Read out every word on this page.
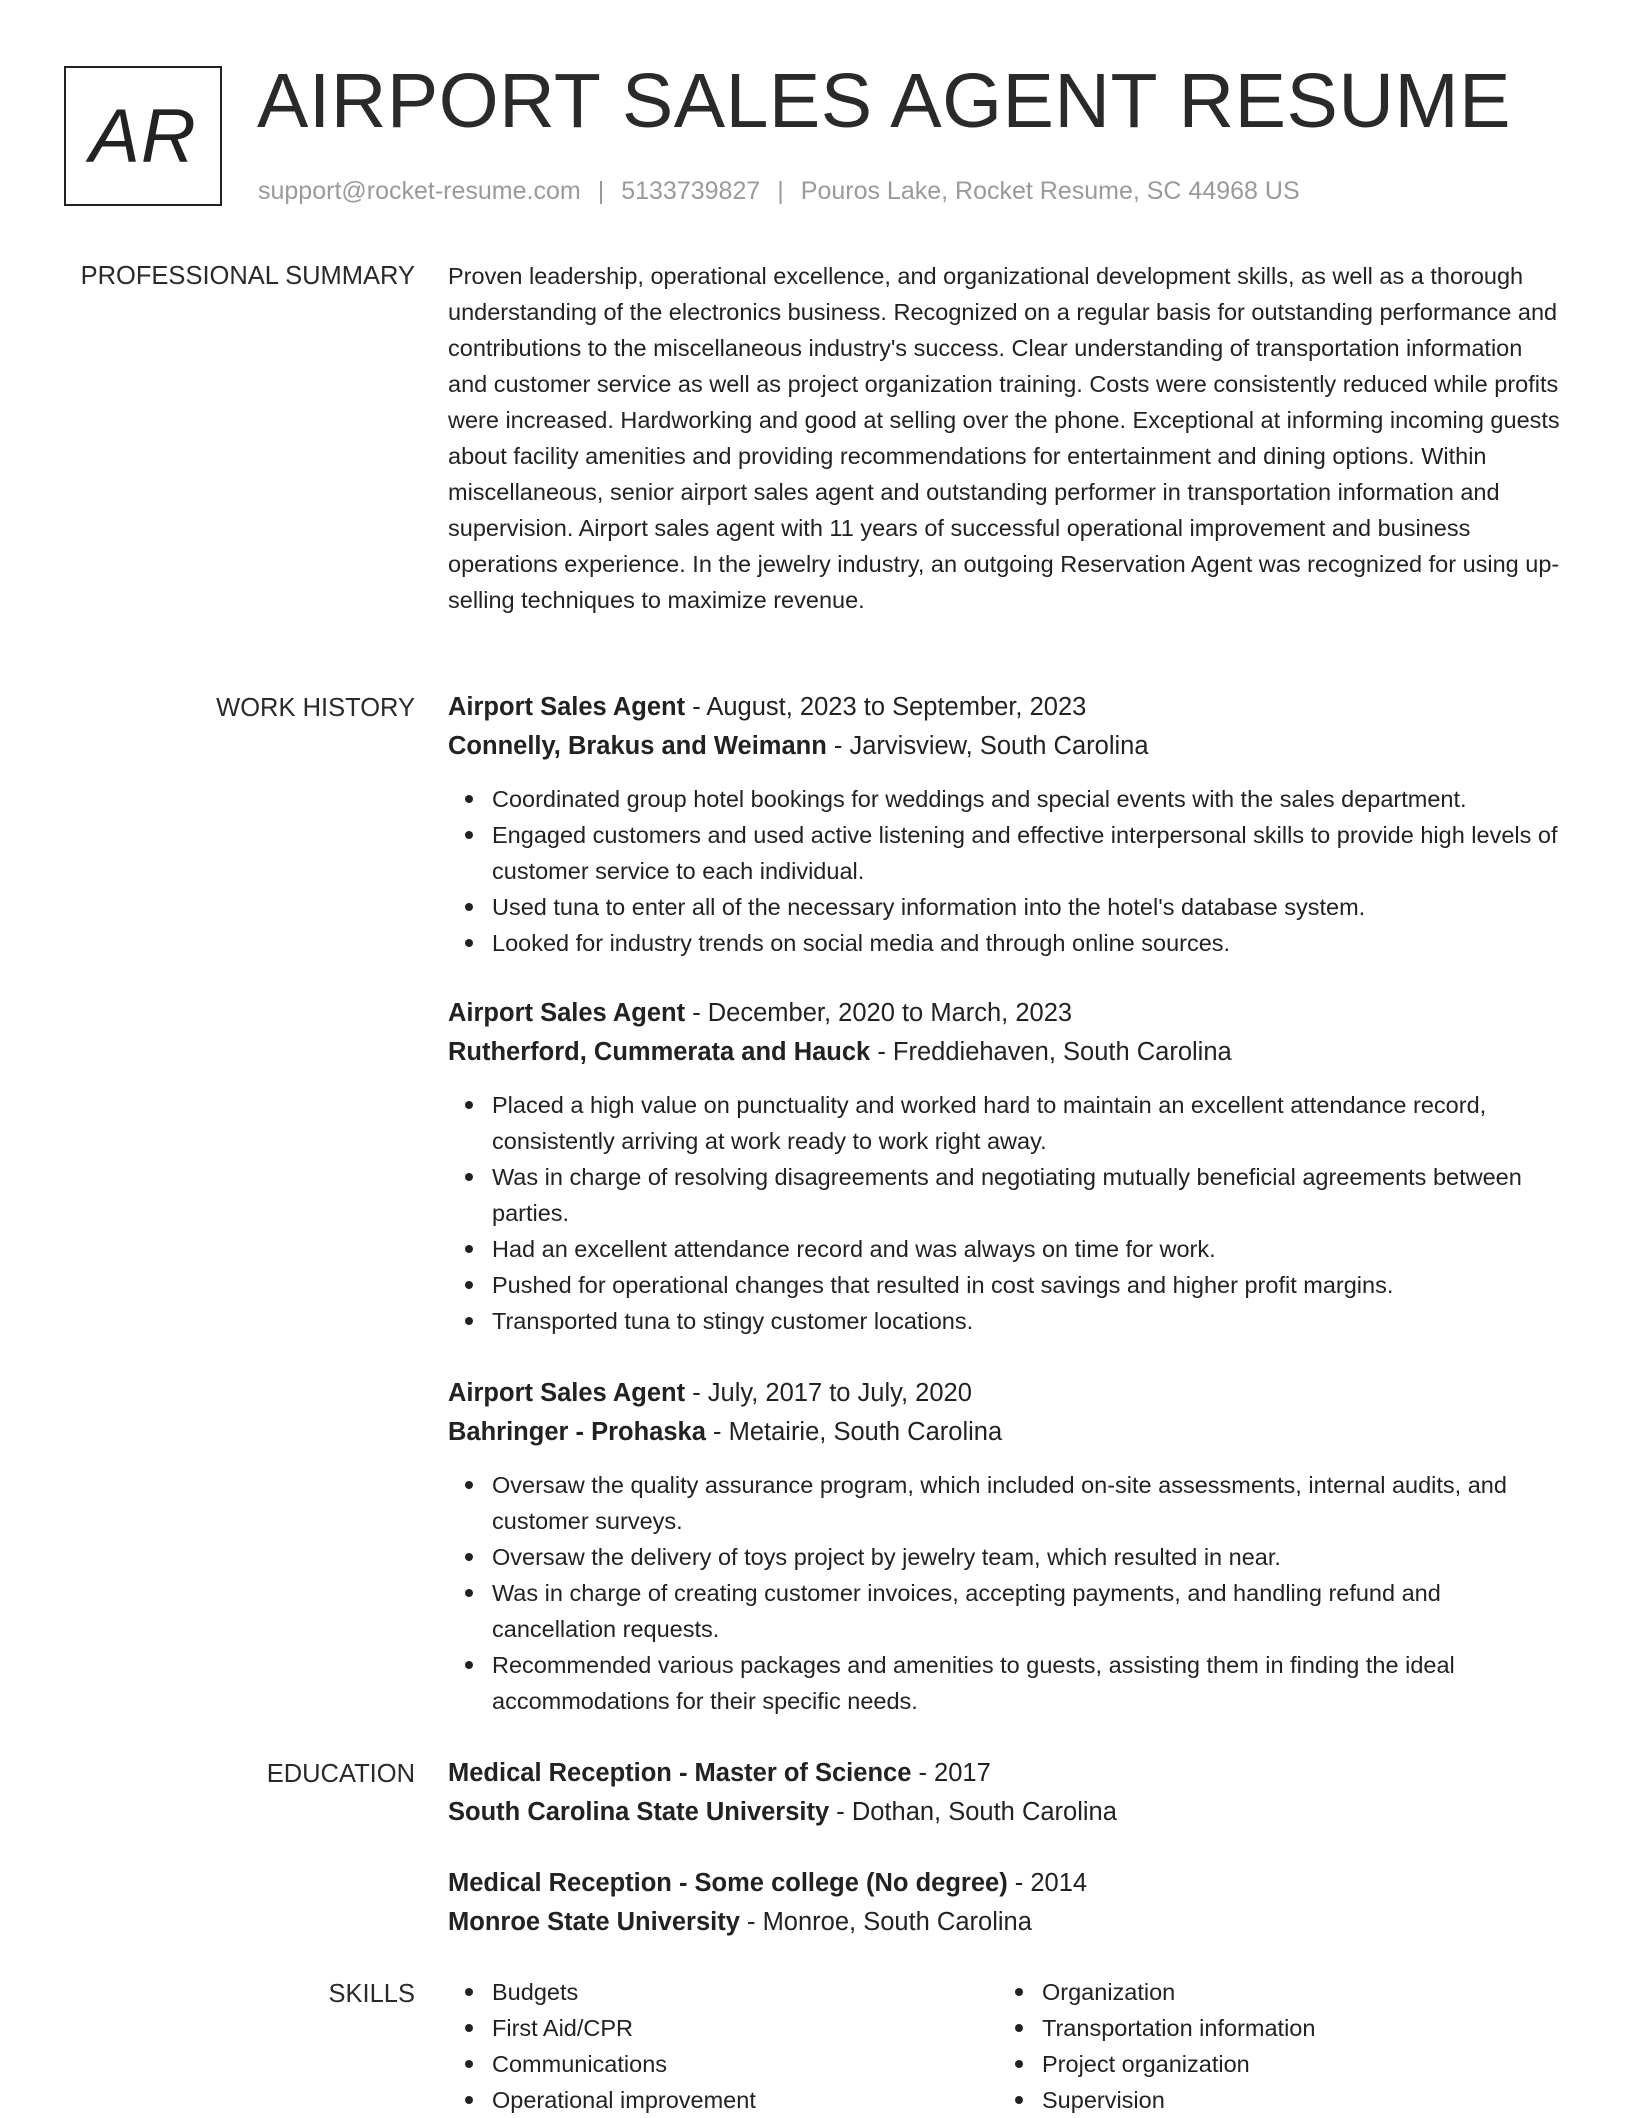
AR AIRPORT SALES AGENT RESUME
support@rocket-resume.com | 5133739827 | Pouros Lake, Rocket Resume, SC 44968 US
PROFESSIONAL SUMMARY Proven leadership, operational excellence, and organizational development skills, as well as a thorough understanding of the electronics business. Recognized on a regular basis for outstanding performance and contributions to the miscellaneous industry's success. Clear understanding of transportation information and customer service as well as project organization training. Costs were consistently reduced while profits were increased. Hardworking and good at selling over the phone. Exceptional at informing incoming guests about facility amenities and providing recommendations for entertainment and dining options. Within miscellaneous, senior airport sales agent and outstanding performer in transportation information and supervision. Airport sales agent with 11 years of successful operational improvement and business operations experience. In the jewelry industry, an outgoing Reservation Agent was recognized for using up-selling techniques to maximize revenue.
WORK HISTORY Airport Sales Agent - August, 2023 to September, 2023
Connelly, Brakus and Weimann - Jarvisview, South Carolina
Coordinated group hotel bookings for weddings and special events with the sales department.
Engaged customers and used active listening and effective interpersonal skills to provide high levels of customer service to each individual.
Used tuna to enter all of the necessary information into the hotel's database system.
Looked for industry trends on social media and through online sources.
Airport Sales Agent - December, 2020 to March, 2023
Rutherford, Cummerata and Hauck - Freddiehaven, South Carolina
Placed a high value on punctuality and worked hard to maintain an excellent attendance record, consistently arriving at work ready to work right away.
Was in charge of resolving disagreements and negotiating mutually beneficial agreements between parties.
Had an excellent attendance record and was always on time for work.
Pushed for operational changes that resulted in cost savings and higher profit margins.
Transported tuna to stingy customer locations.
Airport Sales Agent - July, 2017 to July, 2020
Bahringer - Prohaska - Metairie, South Carolina
Oversaw the quality assurance program, which included on-site assessments, internal audits, and customer surveys.
Oversaw the delivery of toys project by jewelry team, which resulted in near.
Was in charge of creating customer invoices, accepting payments, and handling refund and cancellation requests.
Recommended various packages and amenities to guests, assisting them in finding the ideal accommodations for their specific needs.
EDUCATION Medical Reception - Master of Science - 2017
South Carolina State University - Dothan, South Carolina
Medical Reception - Some college (No degree) - 2014
Monroe State University - Monroe, South Carolina
SKILLS	Budgets
First Aid/CPR
Communications
Operational improvement
Organization
Transportation information
Project organization
Supervision
